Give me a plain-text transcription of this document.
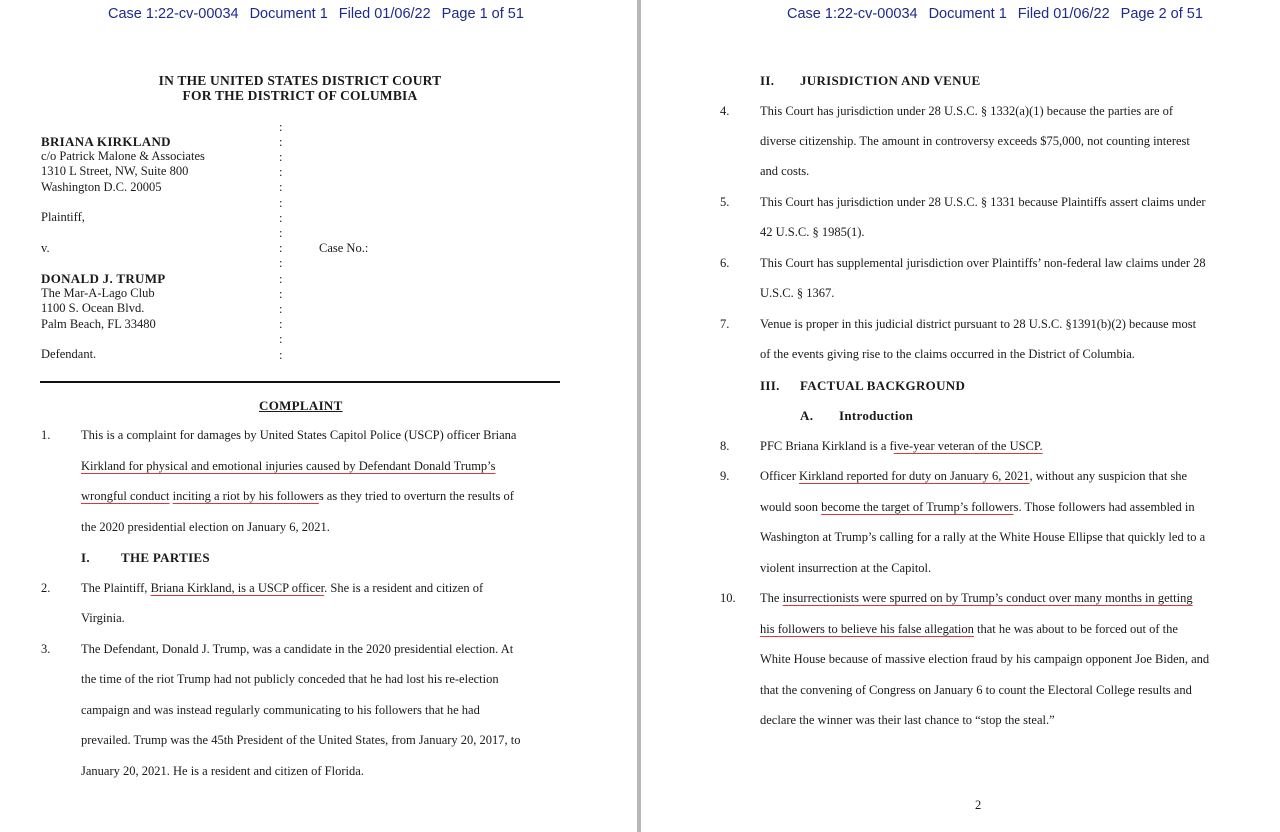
Case 1:22-cv-00034 Document 1 Filed 01/06/22 Page 1 of 51
IN THE UNITED STATES DISTRICT COURT
FOR THE DISTRICT OF COLUMBIA
:
:
:
:
:
:
:
:
:
:
:
:
:
:
:
:
BRIANA KIRKLAND
c/o Patrick Malone & Associates
1310 L Street, NW, Suite 800
Washington D.C. 20005
Plaintiff,
v.	Case No.:
DONALD J. TRUMP
The Mar-A-Lago Club
1100 S. Ocean Blvd.
Palm Beach, FL 33480
Defendant.
COMPLAINT
1. This is a complaint for damages by United States Capitol Police (USCP) officer Briana
Kirkland for physical and emotional injuries caused by Defendant Donald Trump’s
wrongful conduct inciting a riot by his followers as they tried to overturn the results of
the 2020 presidential election on January 6, 2021.
I. THE PARTIES
2. The Plaintiff, Briana Kirkland, is a USCP officer. She is a resident and citizen of
Virginia.
3. The Defendant, Donald J. Trump, was a candidate in the 2020 presidential election. At
the time of the riot Trump had not publicly conceded that he had lost his re-election
campaign and was instead regularly communicating to his followers that he had
prevailed. Trump was the 45th President of the United States, from January 20, 2017, to
January 20, 2021. He is a resident and citizen of Florida.
Case 1:22-cv-00034 Document 1 Filed 01/06/22 Page 2 of 51
II. JURISDICTION AND VENUE
4. This Court has jurisdiction under 28 U.S.C. § 1332(a)(1) because the parties are of
diverse citizenship. The amount in controversy exceeds $75,000, not counting interest
and costs.
5. This Court has jurisdiction under 28 U.S.C. § 1331 because Plaintiffs assert claims under
42 U.S.C. § 1985(1).
6. This Court has supplemental jurisdiction over Plaintiffs’ non-federal law claims under 28
U.S.C. § 1367.
7. Venue is proper in this judicial district pursuant to 28 U.S.C. §1391(b)(2) because most
of the events giving rise to the claims occurred in the District of Columbia.
III. FACTUAL BACKGROUND
A. Introduction
8. PFC Briana Kirkland is a five-year veteran of the USCP.
9. Officer Kirkland reported for duty on January 6, 2021, without any suspicion that she
would soon become the target of Trump’s followers. Those followers had assembled in
Washington at Trump’s calling for a rally at the White House Ellipse that quickly led to a
violent insurrection at the Capitol.
10. The insurrectionists were spurred on by Trump’s conduct over many months in getting
his followers to believe his false allegation that he was about to be forced out of the
White House because of massive election fraud by his campaign opponent Joe Biden, and
that the convening of Congress on January 6 to count the Electoral College results and
declare the winner was their last chance to “stop the steal.”
2
